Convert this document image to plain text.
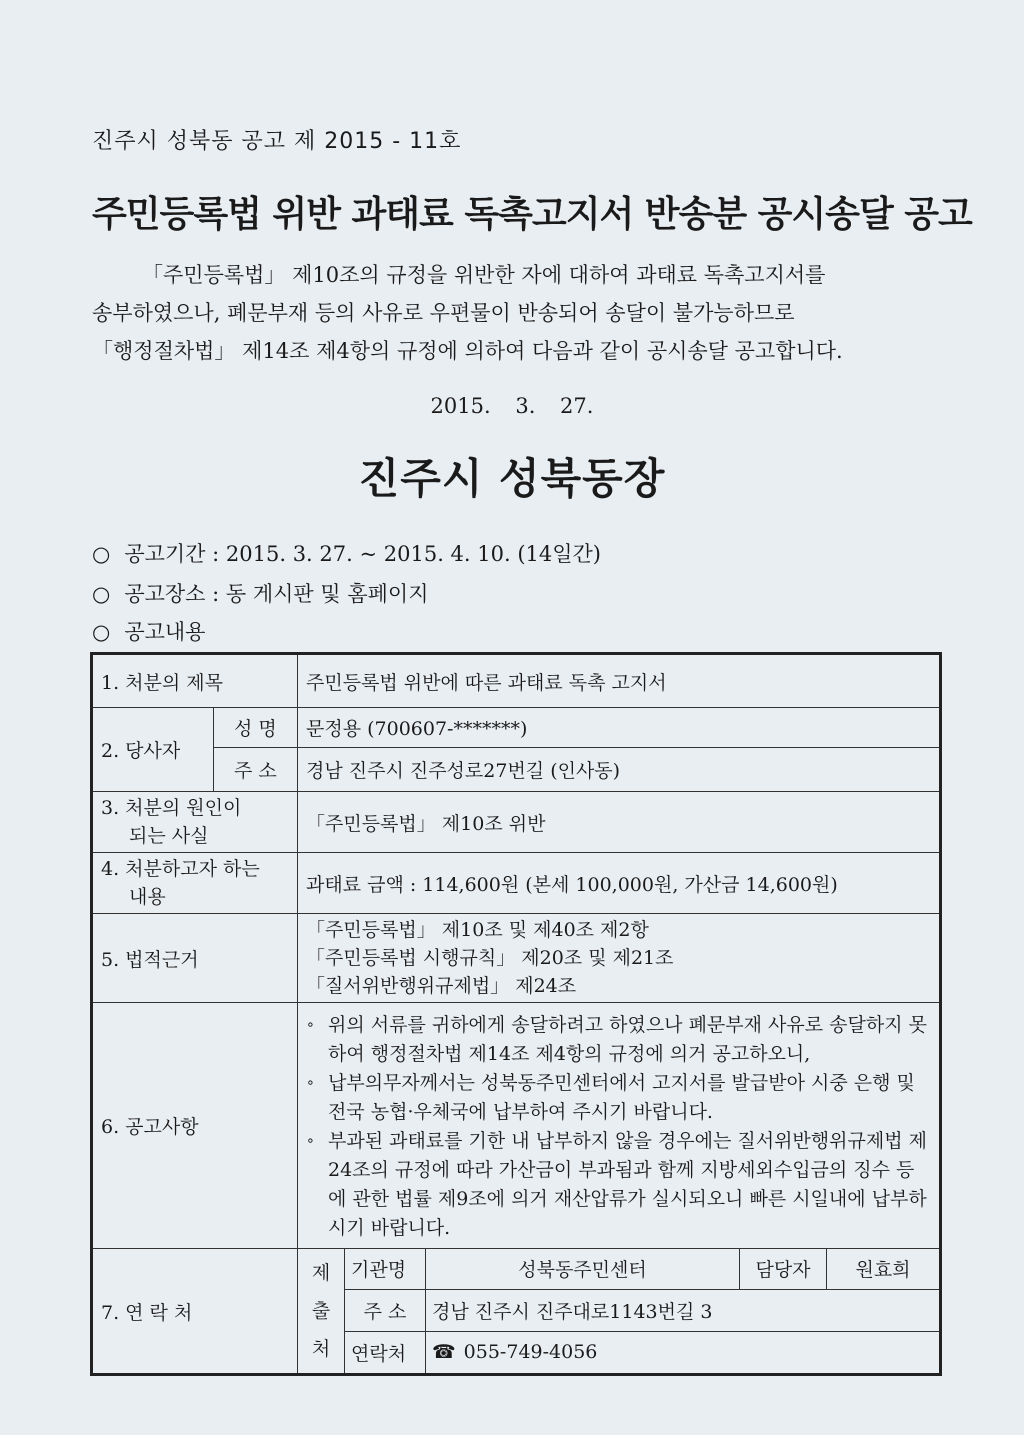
진주시 성북동 공고 제 2015 - 11호
주민등록법 위반 과태료 독촉고지서 반송분 공시송달 공고
「주민등록법」 제10조의 규정을 위반한 자에 대하여 과태료 독촉고지서를
송부하였으나, 폐문부재 등의 사유로 우편물이 반송되어 송달이 불가능하므로
「행정절차법」 제14조 제4항의 규정에 의하여 다음과 같이 공시송달 공고합니다.
2015. 3. 27.
진주시 성북동장
○ 공고기간 : 2015. 3. 27. ~ 2015. 4. 10. (14일간)
○ 공고장소 : 동 게시판 및 홈페이지
○ 공고내용
1. 처분의 제목	주민등록법 위반에 따른 과태료 독촉 고지서
2. 당사자	성 명	문정용 (700607-*******)
주 소	경남 진주시 진주성로27번길 (인사동)

3. 처분의 원인이
되는 사실
	「주민등록법」 제10조 위반

4. 처분하고자 하는
내용
	과태료 금액 : 114,600원 (본세 100,000원, 가산금 14,600원)
5. 법적근거	
「주민등록법」 제10조 및 제40조 제2항
「주민등록법 시행규칙」 제20조 및 제21조
「질서위반행위규제법」 제24조

6. 공고사항	
∘ 위의 서류를 귀하에게 송달하려고 하였으나 폐문부재 사유로 송달하지 못하여 행정절차법 제14조 제4항의 규정에 의거 공고하오니,
∘ 납부의무자께서는 성북동주민센터에서 고지서를 발급받아 시중 은행 및 전국 농협·우체국에 납부하여 주시기 바랍니다.
∘ 부과된 과태료를 기한 내 납부하지 않을 경우에는 질서위반행위규제법 제24조의 규정에 따라 가산금이 부과됨과 함께 지방세외수입금의 징수 등에 관한 법률 제9조에 의거 재산압류가 실시되오니 빠른 시일내에 납부하시기 바랍니다.

7. 연 락 처	
제
출
처
	기관명	성북동주민센터	담당자	원효희
주 소	경남 진주시 진주대로1143번길 3
연락처	☎ 055-749-4056
